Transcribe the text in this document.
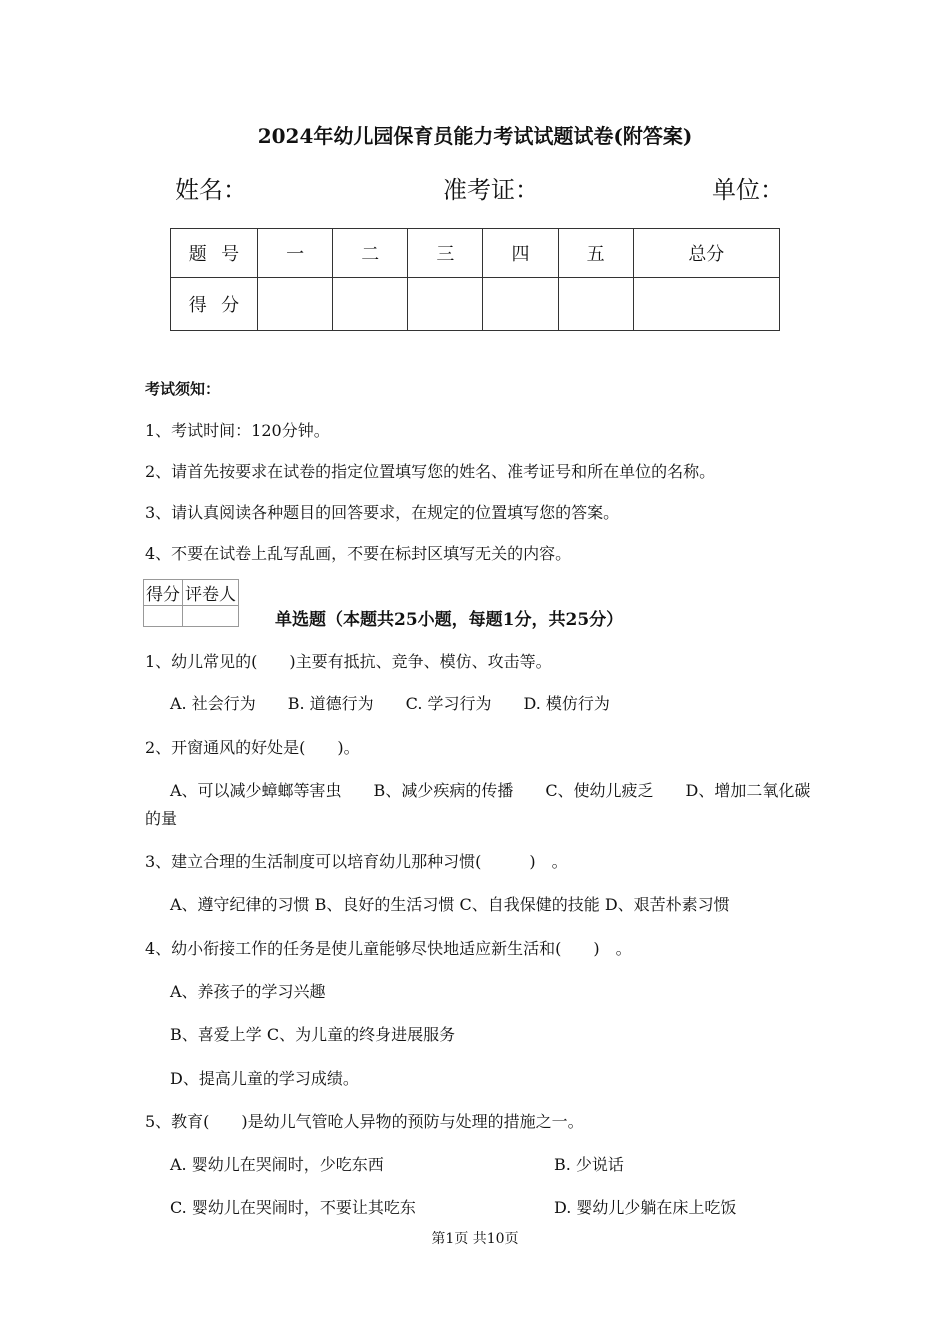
2024年幼儿园保育员能力考试试题试卷(附答案)
姓名：	准考证：	单位：
题号	一	二	三	四	五	总分
得分						
考试须知：
1、考试时间：120分钟。
2、请首先按要求在试卷的指定位置填写您的姓名、准考证号和所在单位的名称。
3、请认真阅读各种题目的回答要求，在规定的位置填写您的答案。
4、不要在试卷上乱写乱画，不要在标封区填写无关的内容。
得分	评卷人

单选题（本题共25小题，每题1分，共25分）
1、幼儿常见的(　　)主要有抵抗、竞争、模仿、攻击等。
A. 社会行为　　B. 道德行为　　C. 学习行为　　D. 模仿行为
2、开窗通风的好处是(　　)。
A、可以减少蟑螂等害虫　　B、减少疾病的传播　　C、使幼儿疲乏　　D、增加二氧化碳
的量
3、建立合理的生活制度可以培育幼儿那种习惯(　　　)　。
A、遵守纪律的习惯 B、良好的生活习惯 C、自我保健的技能 D、艰苦朴素习惯
4、幼小衔接工作的任务是使儿童能够尽快地适应新生活和(　　)　。
A、养孩子的学习兴趣
B、喜爱上学 C、为儿童的终身进展服务
D、提高儿童的学习成绩。
5、教育(　　)是幼儿气管呛人异物的预防与处理的措施之一。
A. 婴幼儿在哭闹时，少吃东西	B. 少说话
C. 婴幼儿在哭闹时，不要让其吃东	D. 婴幼儿少躺在床上吃饭
第1页 共10页
